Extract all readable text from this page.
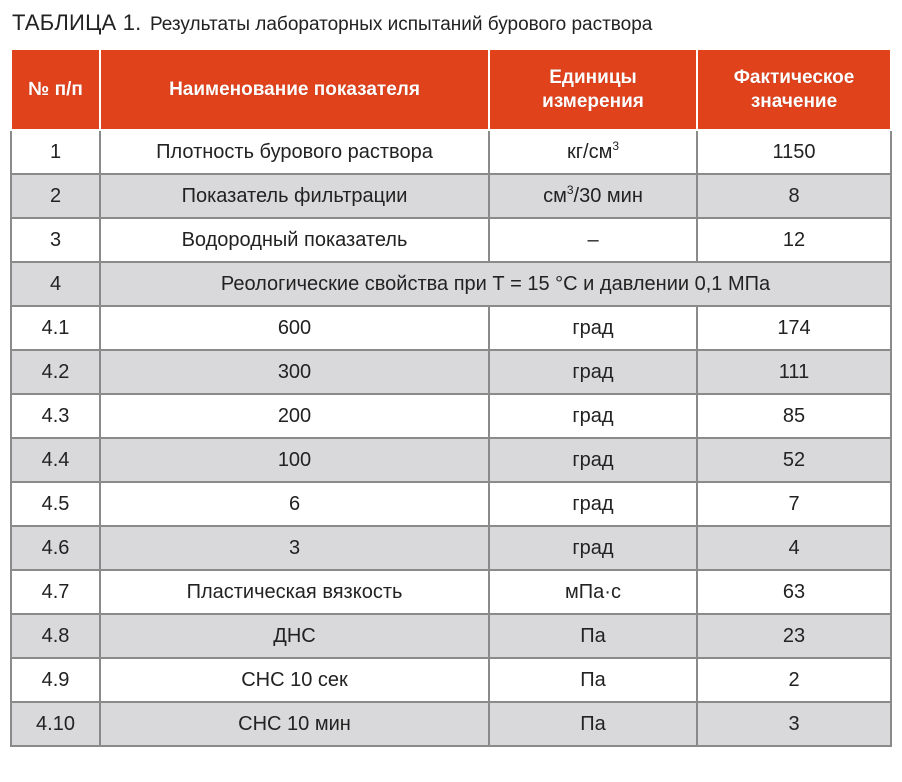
ТАБЛИЦА 1. Результаты лабораторных испытаний бурового раствора
№ п/п	Наименование показателя	Единицы измерения	Фактическое значение
1	Плотность бурового раствора	$кг/см^3$	1150
2	Показатель фильтрации	$см^3/30$ мин	8
3	Водородный показатель	–	12
4	Реологические свойства при Т = 15 °С и давлении 0,1 МПа		
4.1	600	град	174
4.2	300	град	111
4.3	200	град	85
4.4	100	град	52
4.5	6	град	7
4.6	3	град	4
4.7	Пластическая вязкость	мПа·с	63
4.8	ДНС	Па	23
4.9	СНС 10 сек	Па	2
4.10	СНС 10 мин	Па	3
